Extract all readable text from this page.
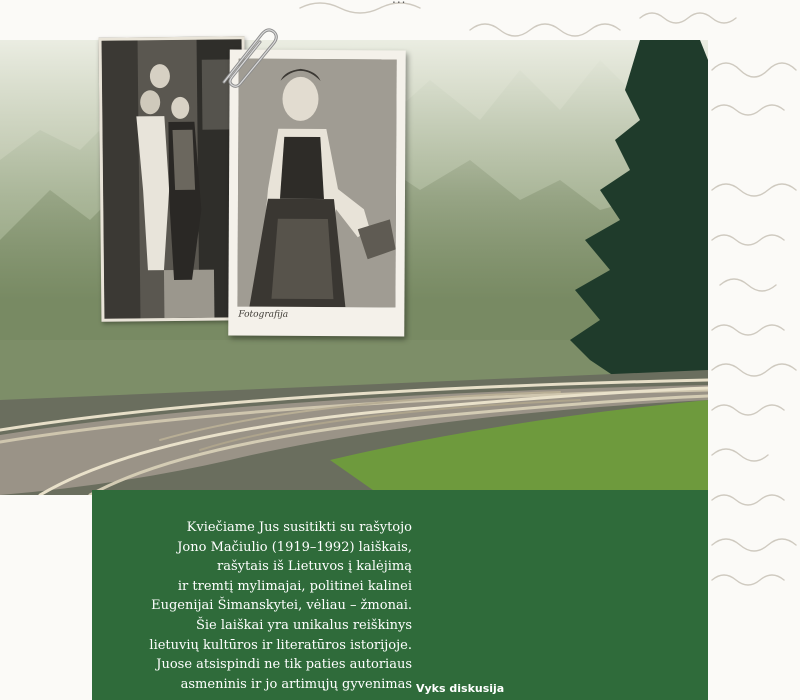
Fotografija
Kviečiame Jus susitikti su rašytojo
Jono Mačiulio (1919–1992) laiškais,
rašytais iš Lietuvos į kalėjimą
ir tremtį mylimajai, politinei kalinei
Eugenijai Šimanskytei, vėliau – žmonai.
Šie laiškai yra unikalus reiškinys
lietuvių kultūros ir literatūros istorijoje.
Juose atsispindi ne tik paties autoriaus
asmeninis ir jo artimųjų gyvenimas Vyks diskusija
